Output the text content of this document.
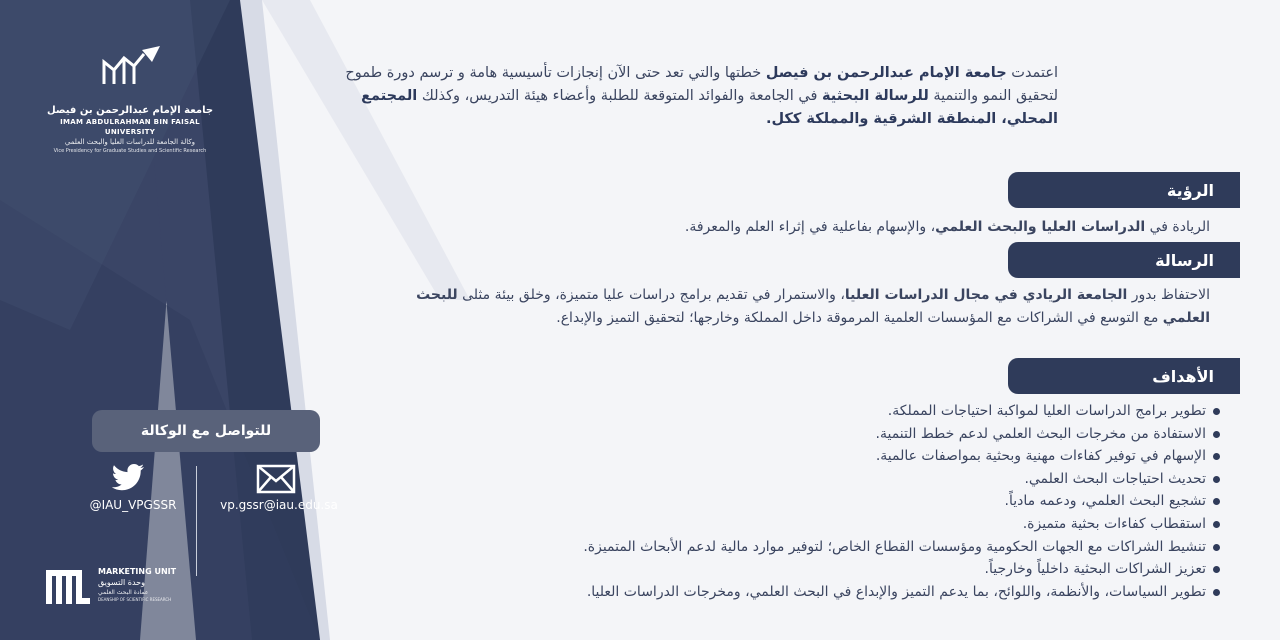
جامعة الإمام عبدالرحمن بن فيصل
IMAM ABDULRAHMAN BIN FAISAL UNIVERSITY
وكالة الجامعة للدراسات العليا والبحث العلمي
Vice Presidency for Graduate Studies and Scientific Research
للتواصل مع الوكالة
@IAU_VPGSSR	vp.gssr@iau.edu.sa
MARKETING UNIT
وحدة التسويق
عمادة البحث العلمي
DEANSHIP OF SCIENTIFIC RESEARCH
اعتمدت جامعة الإمام عبدالرحمن بن فيصل خطتها والتي تعد حتى الآن إنجازات تأسيسية هامة و ترسم دورة طموح لتحقيق النمو والتنمية للرسالة البحثية في الجامعة والفوائد المتوقعة للطلبة وأعضاء هيئة التدريس، وكذلك المجتمع المحلي، المنطقة الشرقية والمملكة ككل.
الرؤية
الريادة في الدراسات العليا والبحث العلمي، والإسهام بفاعلية في إثراء العلم والمعرفة.
الرسالة
الاحتفاظ بدور الجامعة الريادي في مجال الدراسات العليا، والاستمرار في تقديم برامج دراسات عليا متميزة، وخلق بيئة مثلى للبحث العلمي مع التوسع في الشراكات مع المؤسسات العلمية المرموقة داخل المملكة وخارجها؛ لتحقيق التميز والإبداع.
الأهداف
تطوير برامج الدراسات العليا لمواكبة احتياجات المملكة.
الاستفادة من مخرجات البحث العلمي لدعم خطط التنمية.
الإسهام في توفير كفاءات مهنية وبحثية بمواصفات عالمية.
تحديث احتياجات البحث العلمي.
تشجيع البحث العلمي، ودعمه مادياً.
استقطاب كفاءات بحثية متميزة.
تنشيط الشراكات مع الجهات الحكومية ومؤسسات القطاع الخاص؛ لتوفير موارد مالية لدعم الأبحاث المتميزة.
تعزيز الشراكات البحثية داخلياً وخارجياً.
تطوير السياسات، والأنظمة، واللوائح، بما يدعم التميز والإبداع في البحث العلمي، ومخرجات الدراسات العليا.
